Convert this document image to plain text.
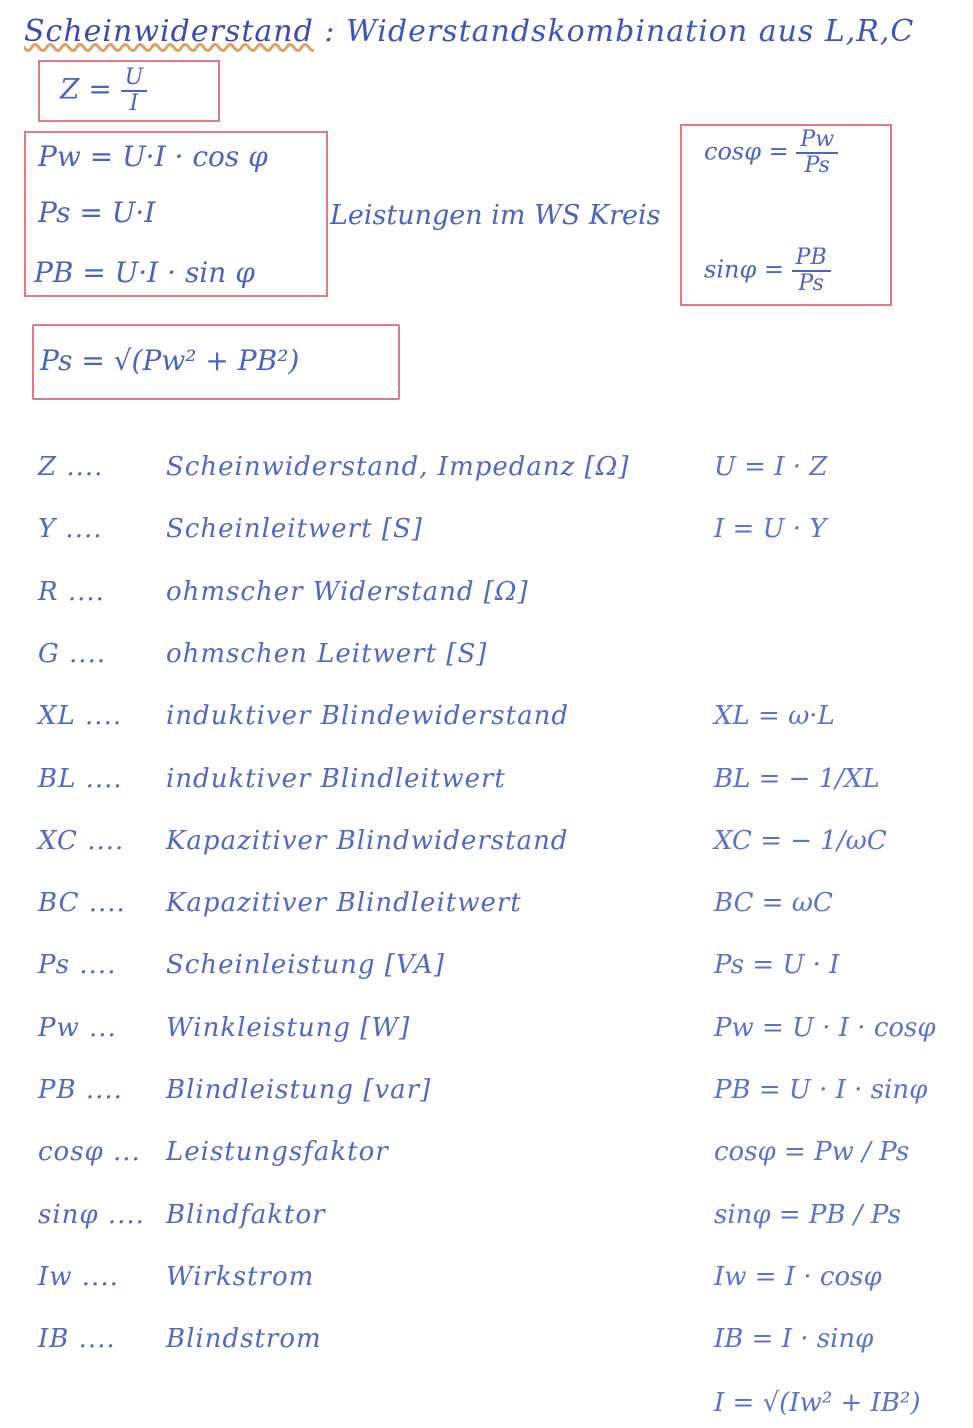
Scheinwiderstand : Widerstandskombination aus L,R,C
$Z = \frac{U}{I}$
Pw = U·I · cos φ
Ps = U·I
PB = U·I · sin φ
Leistungen im WS Kreis
$\cos\varphi = \frac{Pw}{Ps}$
$\sin\varphi = \frac{PB}{Ps}$
Ps = √(Pw² + PB²)
Z .... Scheinwiderstand, Impedanz [Ω]	U = I · Z
Y .... Scheinleitwert [S]	I = U · Y
R .... ohmscher Widerstand [Ω]
G .... ohmschen Leitwert [S]
XL .... induktiver Blindewiderstand	XL = ω·L
BL .... induktiver Blindleitwert	BL = − 1/XL
XC .... Kapazitiver Blindwiderstand	XC = − 1/ωC
BC .... Kapazitiver Blindleitwert	BC = ωC
Ps .... Scheinleistung [VA]	Ps = U · I
Pw ... Winkleistung [W]	Pw = U · I · cosφ
PB .... Blindleistung [var]	PB = U · I · sinφ
cosφ ... Leistungsfaktor	cosφ = Pw / Ps
sinφ .... Blindfaktor	sinφ = PB / Ps
Iw .... Wirkstrom	Iw = I · cosφ
IB .... Blindstrom	IB = I · sinφ
I = √(Iw² + IB²)
